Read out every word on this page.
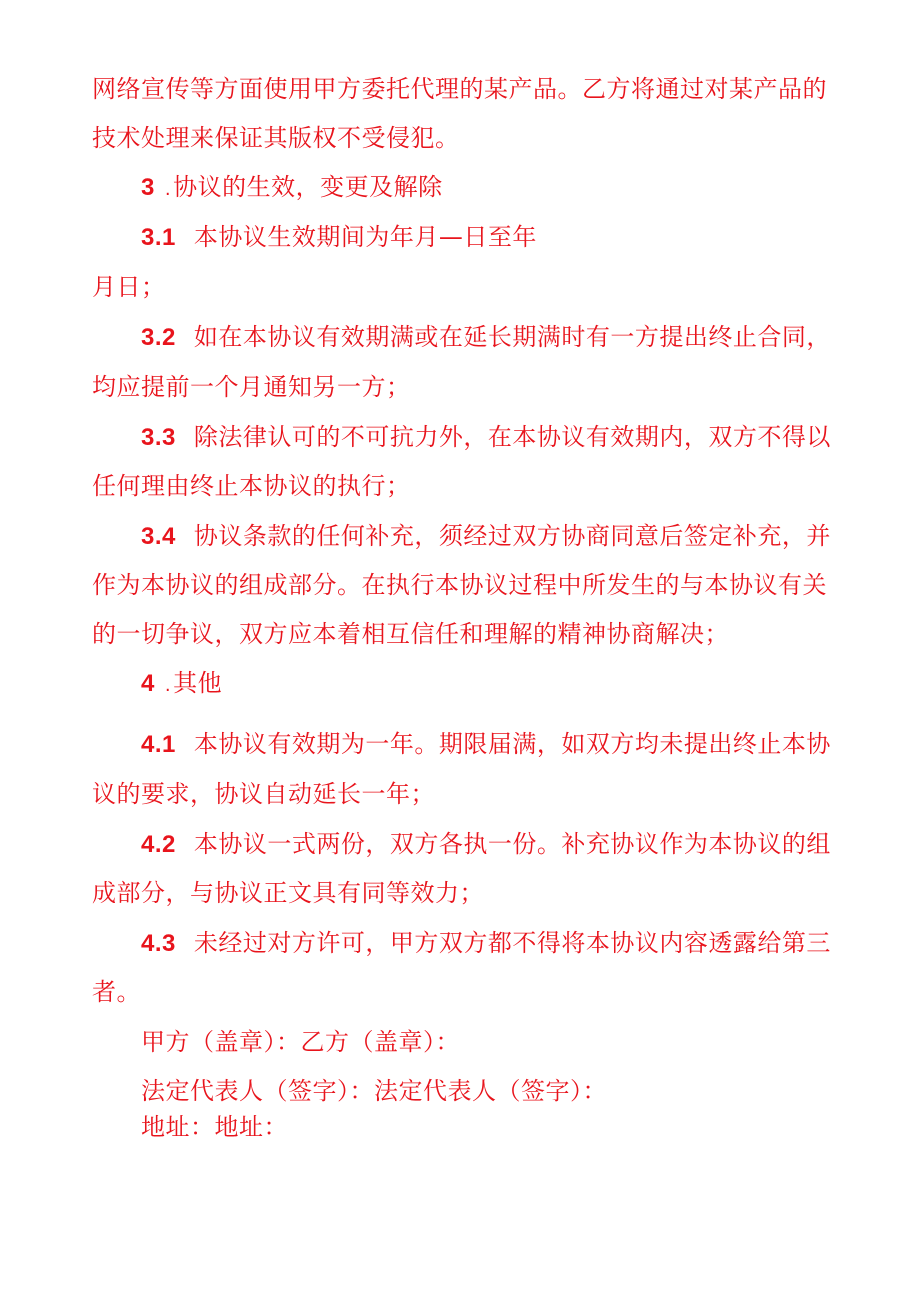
网络宣传等方面使用甲方委托代理的某产品。乙方将通过对某产品的
技术处理来保证其版权不受侵犯。
3 .协议的生效，变更及解除
3.1 本协议生效期间为年月—日至年
月日；
3.2 如在本协议有效期满或在延长期满时有一方提出终止合同，
均应提前一个月通知另一方；
3.3 除法律认可的不可抗力外，在本协议有效期内，双方不得以
任何理由终止本协议的执行；
3.4 协议条款的任何补充，须经过双方协商同意后签定补充，并
作为本协议的组成部分。在执行本协议过程中所发生的与本协议有关
的一切争议，双方应本着相互信任和理解的精神协商解决；
4 .其他
4.1 本协议有效期为一年。期限届满，如双方均未提出终止本协
议的要求，协议自动延长一年；
4.2 本协议一式两份，双方各执一份。补充协议作为本协议的组
成部分，与协议正文具有同等效力；
4.3 未经过对方许可，甲方双方都不得将本协议内容透露给第三
者。
甲方（盖章）：乙方（盖章）：
法定代表人（签字）：法定代表人（签字）：
地址：地址：
